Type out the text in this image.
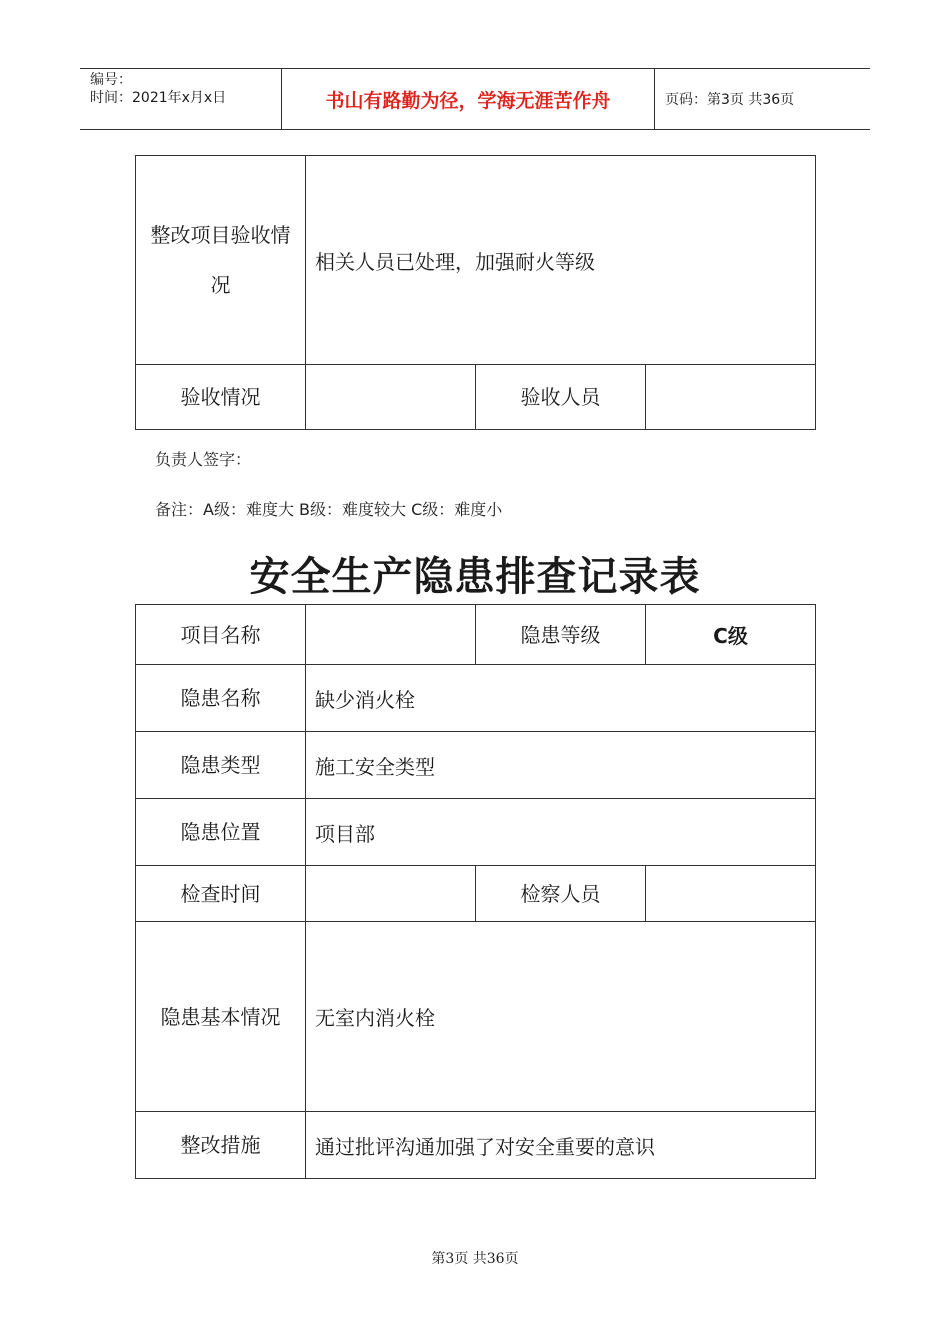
编号：
时间：2021年x月x日	书山有路勤为径，学海无涯苦作舟	页码：第3页 共36页
整改项目验收情况	相关人员已处理，加强耐火等级		
验收情况		验收人员	
负责人签字：
备注：A级：难度大 B级：难度较大 C级：难度小
安全生产隐患排查记录表
项目名称		隐患等级	C级
隐患名称	缺少消火栓		
隐患类型	施工安全类型		
隐患位置	项目部		
检查时间		检察人员	
隐患基本情况	无室内消火栓		
整改措施	通过批评沟通加强了对安全重要的意识		
第3页 共36页
